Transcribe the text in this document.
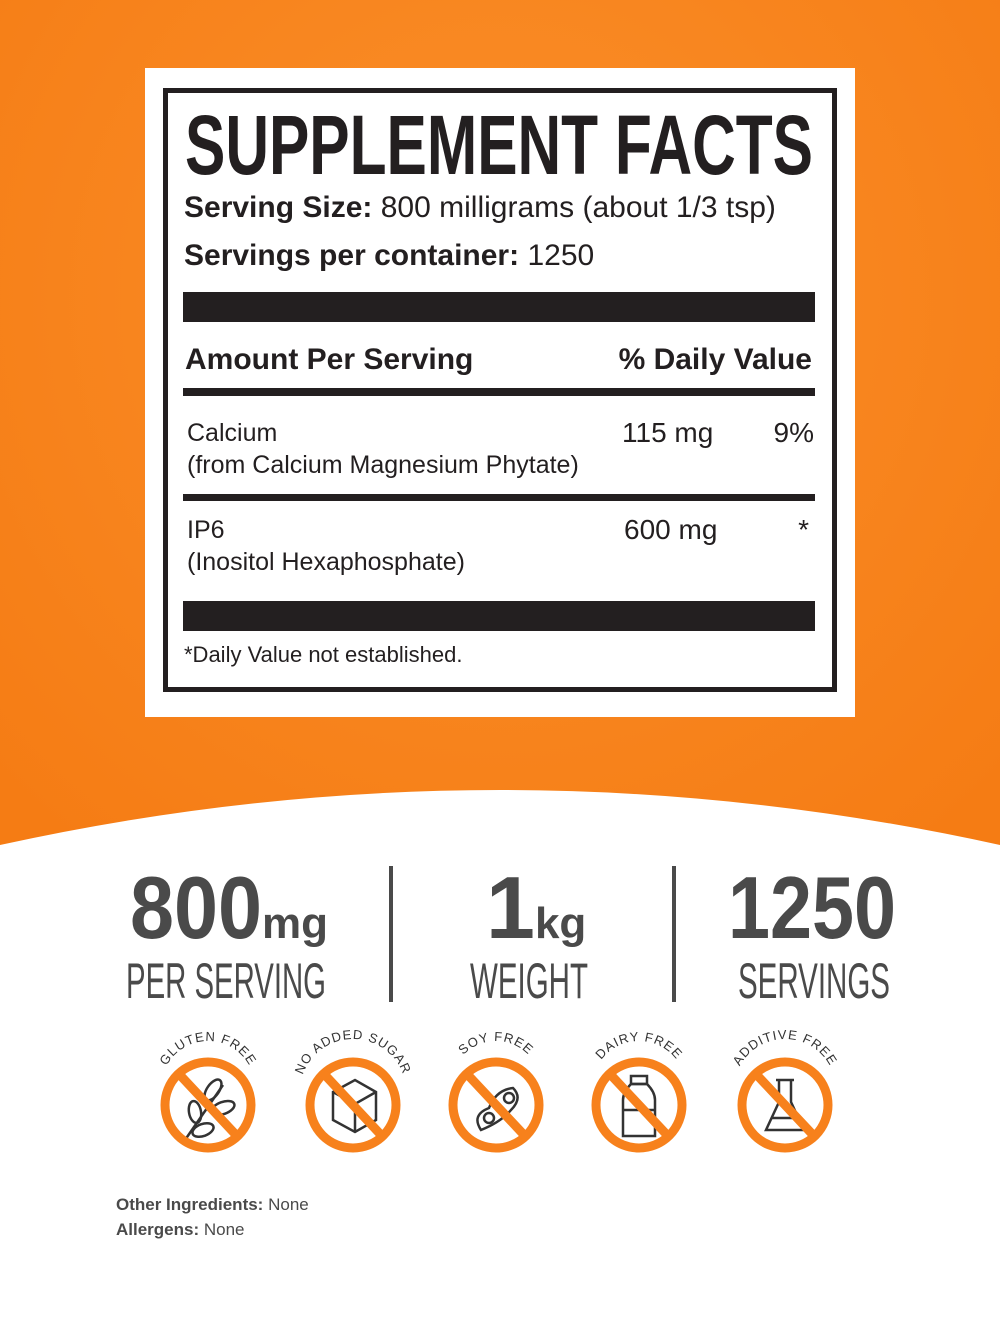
SUPPLEMENT FACTS
Serving Size: 800 milligrams (about 1/3 tsp)
Servings per container: 1250
Amount Per Serving	% Daily Value
Calcium
(from Calcium Magnesium Phytate)
115 mg 9%
IP6
(Inositol Hexaphosphate)
600 mg	*
*Daily Value not established.
800mg
PER SERVING
1kg
WEIGHT
1250
SERVINGS
GLUTEN FREE
NO ADDED SUGAR
SOY FREE	DAIRY FREE	ADDITIVE FREE
Other Ingredients: None
Allergens: None
